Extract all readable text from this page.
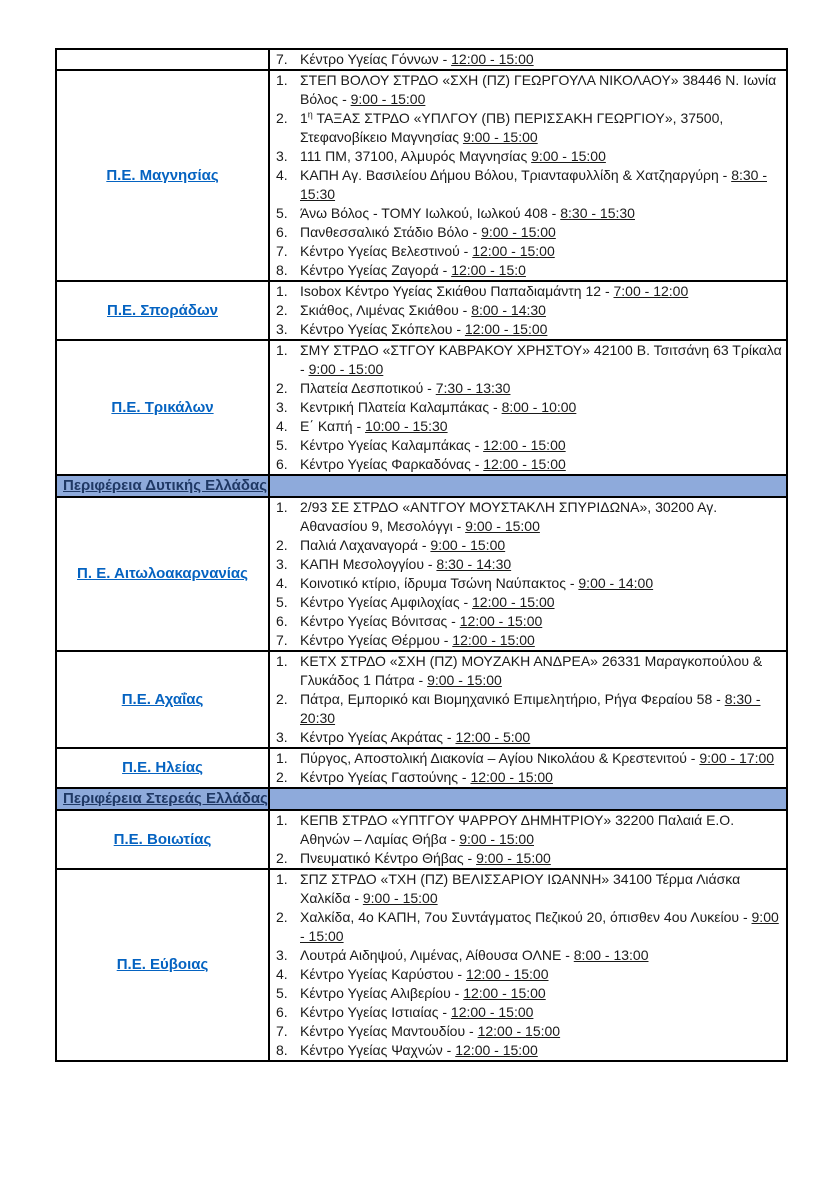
	7. Κέντρο Υγείας Γόννων - 12:00 - 15:00

Π.Ε. Μαγνησίας	
1. ΣΤΕΠ ΒΟΛΟΥ ΣΤΡΔΟ «ΣΧΗ (ΠΖ) ΓΕΩΡΓΟΥΛΑ ΝΙΚΟΛΑΟΥ» 38446 Ν. Ιωνία Βόλος - 9:00 - 15:00
2. $1^\eta$ ΤΑΞΑΣ ΣΤΡΔΟ «ΥΠΛΓΟΥ (ΠΒ) ΠΕΡΙΣΣΑΚΗ ΓΕΩΡΓΙΟΥ», 37500, Στεφανοβίκειο Μαγνησίας 9:00 - 15:00
3. 111 ΠΜ, 37100, Αλμυρός Μαγνησίας 9:00 - 15:00
4. ΚΑΠΗ Αγ. Βασιλείου Δήμου Βόλου, Τριανταφυλλίδη & Χατζηαργύρη - 8:30 - 15:30
5. Άνω Βόλος - ΤΟΜΥ Ιωλκού, Ιωλκού 408 - 8:30 - 15:30
6. Πανθεσσαλικό Στάδιο Βόλο - 9:00 - 15:00
7. Κέντρο Υγείας Βελεστινού - 12:00 - 15:00
8. Κέντρο Υγείας Ζαγορά - 12:00 - 15:0

Π.Ε. Σποράδων	
1. Isobox Κέντρο Υγείας Σκιάθου Παπαδιαμάντη 12 - 7:00 - 12:00
2. Σκιάθος, Λιμένας Σκιάθου - 8:00 - 14:30
3. Κέντρο Υγείας Σκόπελου - 12:00 - 15:00

Π.Ε. Τρικάλων	
1. ΣΜΥ ΣΤΡΔΟ «ΣΤΓΟΥ ΚΑΒΡΑΚΟΥ ΧΡΗΣΤΟΥ» 42100 Β. Τσιτσάνη 63 Τρίκαλα - 9:00 - 15:00
2. Πλατεία Δεσποτικού - 7:30 - 13:30
3. Κεντρική Πλατεία Καλαμπάκας - 8:00 - 10:00
4. Ε΄ Καπή - 10:00 - 15:30
5. Κέντρο Υγείας Καλαμπάκας - 12:00 - 15:00
6. Κέντρο Υγείας Φαρκαδόνας - 12:00 - 15:00

Περιφέρεια Δυτικής Ελλάδας	
Π. Ε. Αιτωλοακαρνανίας	
1. 2/93 ΣΕ ΣΤΡΔΟ «ΑΝΤΓΟΥ ΜΟΥΣΤΑΚΛΗ ΣΠΥΡΙΔΩΝΑ», 30200 Αγ. Αθανασίου 9, Μεσολόγγι - 9:00 - 15:00
2. Παλιά Λαχαναγορά - 9:00 - 15:00
3. ΚΑΠΗ Μεσολογγίου - 8:30 - 14:30
4. Κοινοτικό κτίριο, ίδρυμα Τσώνη Ναύπακτος - 9:00 - 14:00
5. Κέντρο Υγείας Αμφιλοχίας - 12:00 - 15:00
6. Κέντρο Υγείας Βόνιτσας - 12:00 - 15:00
7. Κέντρο Υγείας Θέρμου - 12:00 - 15:00

Π.Ε. Αχαΐας	
1. ΚΕΤΧ ΣΤΡΔΟ «ΣΧΗ (ΠΖ) ΜΟΥΖΑΚΗ ΑΝΔΡΕΑ» 26331 Μαραγκοπούλου & Γλυκάδος 1 Πάτρα - 9:00 - 15:00
2. Πάτρα, Εμπορικό και Βιομηχανικό Επιμελητήριο, Ρήγα Φεραίου 58 - 8:30 - 20:30
3. Κέντρο Υγείας Ακράτας - 12:00 - 5:00

Π.Ε. Ηλείας	1. Πύργος, Αποστολική Διακονία – Αγίου Νικολάου & Κρεστενιτού - 9:00 - 17:00
2. Κέντρο Υγείας Γαστούνης - 12:00 - 15:00

Περιφέρεια Στερεάς Ελλάδας	
Π.Ε. Βοιωτίας	1. ΚΕΠΒ ΣΤΡΔΟ «ΥΠΤΓΟΥ ΨΑΡΡΟΥ ΔΗΜΗΤΡΙΟΥ» 32200 Παλαιά Ε.Ο. Αθηνών – Λαμίας Θήβα - 9:00 - 15:00
2. Πνευματικό Κέντρο Θήβας - 9:00 - 15:00

Π.Ε. Εύβοιας	
1. ΣΠΖ ΣΤΡΔΟ «ΤΧΗ (ΠΖ) ΒΕΛΙΣΣΑΡΙΟΥ ΙΩΑΝΝΗ» 34100 Τέρμα Λιάσκα Χαλκίδα - 9:00 - 15:00
2. Χαλκίδα, 4ο ΚΑΠΗ, 7ου Συντάγματος Πεζικού 20, όπισθεν 4ου Λυκείου - 9:00 - 15:00
3. Λουτρά Αιδηψού, Λιμένας, Αίθουσα ΟΛΝΕ - 8:00 - 13:00
4. Κέντρο Υγείας Καρύστου - 12:00 - 15:00
5. Κέντρο Υγείας Αλιβερίου - 12:00 - 15:00
6. Κέντρο Υγείας Ιστιαίας - 12:00 - 15:00
7. Κέντρο Υγείας Μαντουδίου - 12:00 - 15:00
8. Κέντρο Υγείας Ψαχνών - 12:00 - 15:00
